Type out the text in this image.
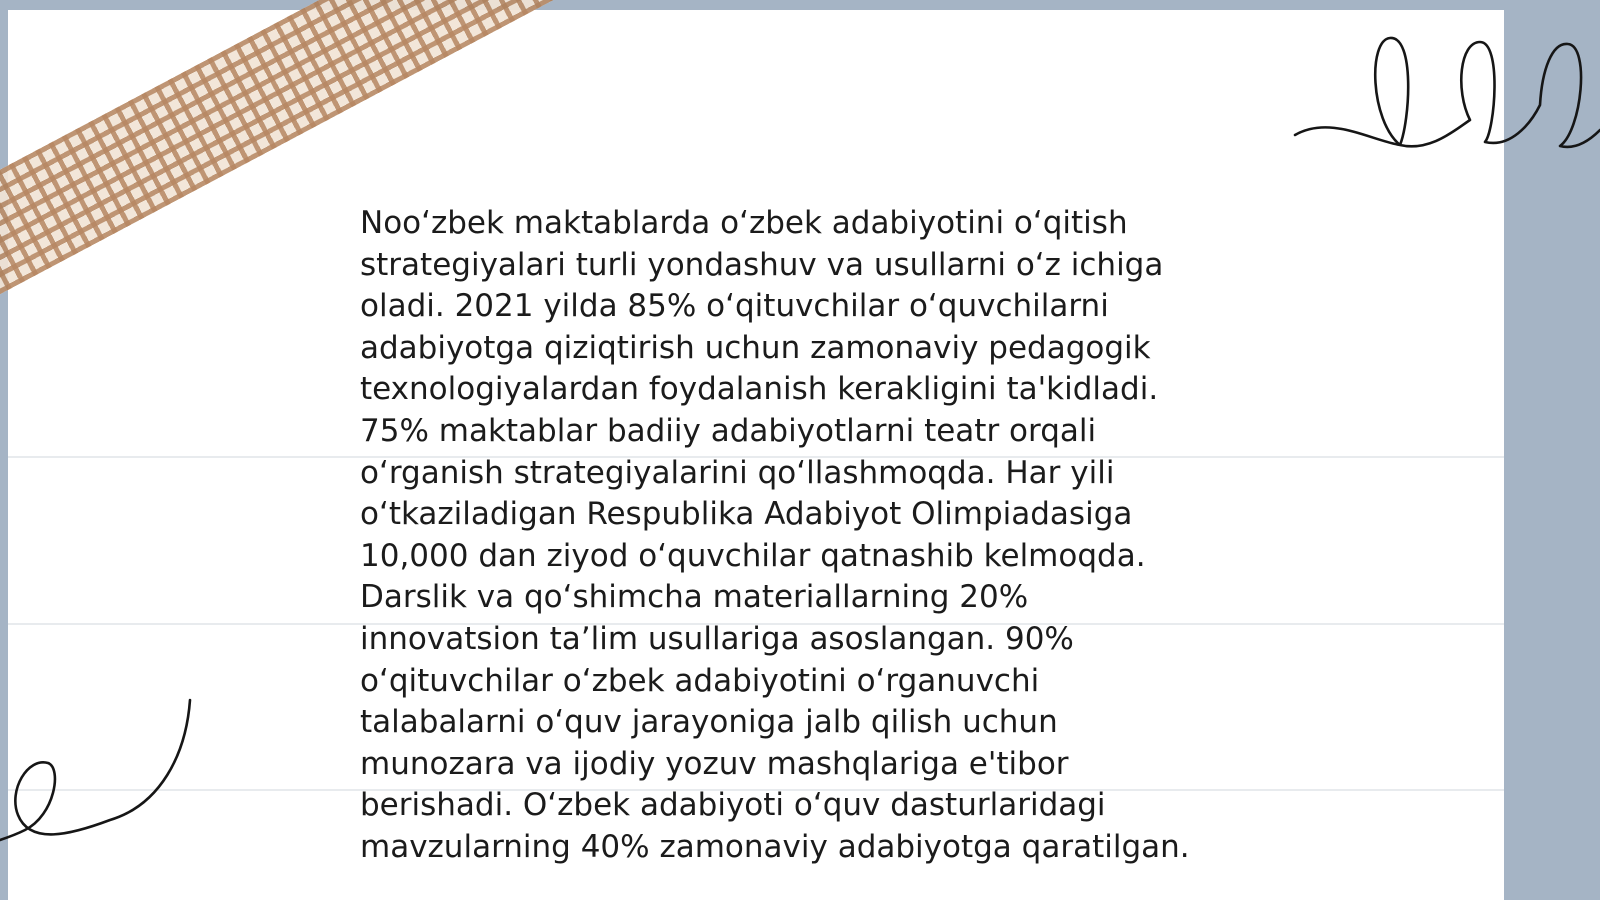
Nooʻzbek maktablarda oʻzbek adabiyotini oʻqitish
strategiyalari turli yondashuv va usullarni oʻz ichiga
oladi. 2021 yilda 85% oʻqituvchilar oʻquvchilarni
adabiyotga qiziqtirish uchun zamonaviy pedagogik
texnologiyalardan foydalanish kerakligini ta'kidladi.
75% maktablar badiiy adabiyotlarni teatr orqali
oʻrganish strategiyalarini qoʻllashmoqda. Har yili
oʻtkaziladigan Respublika Adabiyot Olimpiadasiga
10,000 dan ziyod oʻquvchilar qatnashib kelmoqda.
Darslik va qoʻshimcha materiallarning 20%
innovatsion ta’lim usullariga asoslangan. 90%
oʻqituvchilar oʻzbek adabiyotini oʻrganuvchi
talabalarni oʻquv jarayoniga jalb qilish uchun
munozara va ijodiy yozuv mashqlariga e'tibor
berishadi. Oʻzbek adabiyoti oʻquv dasturlaridagi
mavzularning 40% zamonaviy adabiyotga qaratilgan.
